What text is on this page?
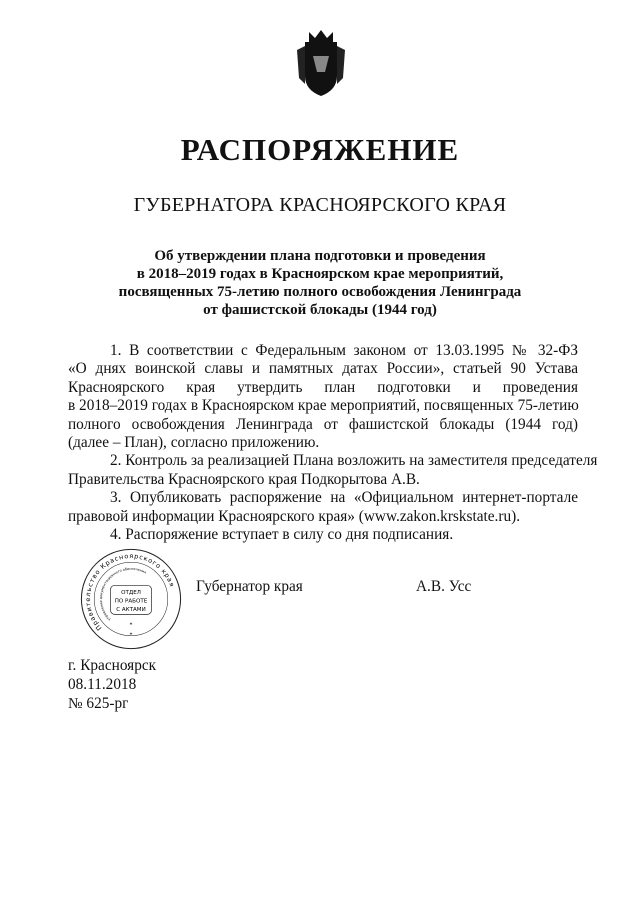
РАСПОРЯЖЕНИЕ
ГУБЕРНАТОРА КРАСНОЯРСКОГО КРАЯ
Об утверждении плана подготовки и проведения
в 2018–2019 годах в Красноярском крае мероприятий,
посвященных 75-летию полного освобождения Ленинграда
от фашистской блокады (1944 год)
1. В соответствии с Федеральным законом от 13.03.1995 № 32-ФЗ
«О днях воинской славы и памятных датах России», статьей 90 Устава
Красноярского края утвердить план подготовки и проведения
в 2018–2019 годах в Красноярском крае мероприятий, посвященных 75-летию
полного освобождения Ленинграда от фашистской блокады (1944 год)
(далее – План), согласно приложению.
2. Контроль за реализацией Плана возложить на заместителя председателя
Правительства Красноярского края Подкорытова А.В.
3. Опубликовать распоряжение на «Официальном интернет-портале
правовой информации Красноярского края» (www.zakon.krskstate.ru).
4. Распоряжение вступает в силу со дня подписания.
ОТДЕЛ
ПО РАБОТЕ
С АКТАМИ
Правительство Красноярского края
управление документационного обеспечения
*
*
Губернатор края	А.В. Усс
г. Красноярск
08.11.2018
№ 625-рг
